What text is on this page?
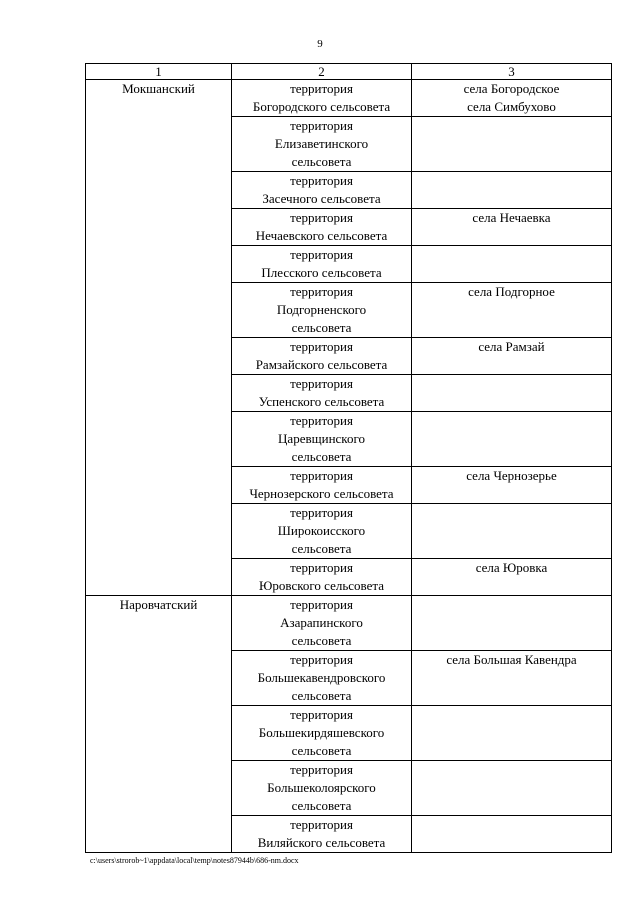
9
1	2	3
Мокшанский	территория
Богородского сельсовета	села Богородское
села Симбухово

	территория
Елизаветинского
сельсовета	

	территория
Засечного сельсовета	

	территория
Нечаевского сельсовета	села Нечаевка

	территория
Плесского сельсовета	

	территория
Подгорненского
сельсовета	села Подгорное

	территория
Рамзайского сельсовета	села Рамзай

	территория
Успенского сельсовета	

	территория
Царевщинского
сельсовета	

	территория
Чернозерского сельсовета	села Чернозерье

	территория
Широкоисского
сельсовета	

	территория
Юровского сельсовета	села Юровка

Наровчатский	территория
Азарапинского
сельсовета	

	территория
Большекавендровского
сельсовета	села Большая Кавендра

	территория
Большекирдяшевского
сельсовета	

	территория
Большеколоярского
сельсовета	

	территория
Виляйского сельсовета	

c:\users\strorob~1\appdata\local\temp\notes87944b\686-nm.docx
